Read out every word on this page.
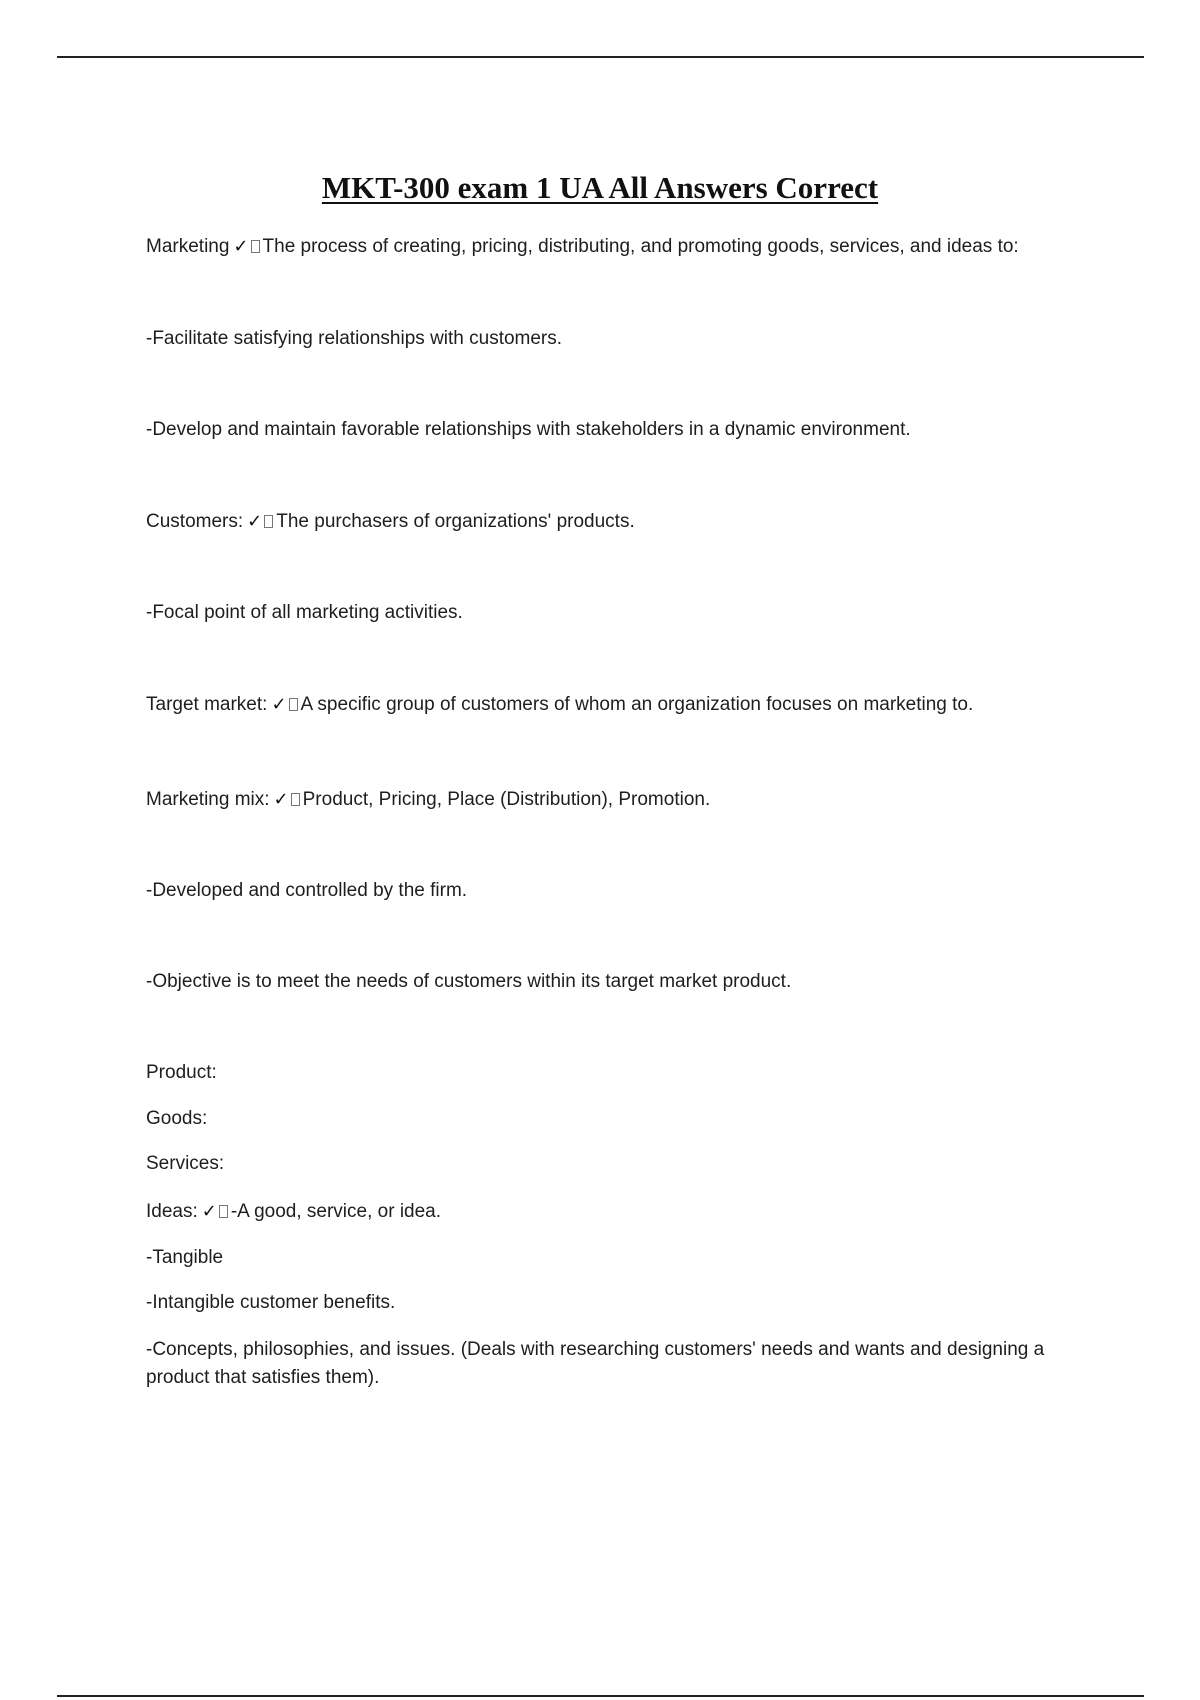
MKT-300 exam 1 UA All Answers Correct

Marketing ✓ The process of creating, pricing, distributing, and promoting goods, services, and ideas to:

-Facilitate satisfying relationships with customers.

-Develop and maintain favorable relationships with stakeholders in a dynamic environment.

Customers: ✓ The purchasers of organizations' products.

-Focal point of all marketing activities.

Target market: ✓ A specific group of customers of whom an organization focuses on marketing to.

Marketing mix: ✓ Product, Pricing, Place (Distribution), Promotion.

-Developed and controlled by the firm.

-Objective is to meet the needs of customers within its target market product.

Product:

Goods:

Services:

Ideas: ✓ -A good, service, or idea.

-Tangible

-Intangible customer benefits.

-Concepts, philosophies, and issues. (Deals with researching customers' needs and wants and designing a product that satisfies them).
